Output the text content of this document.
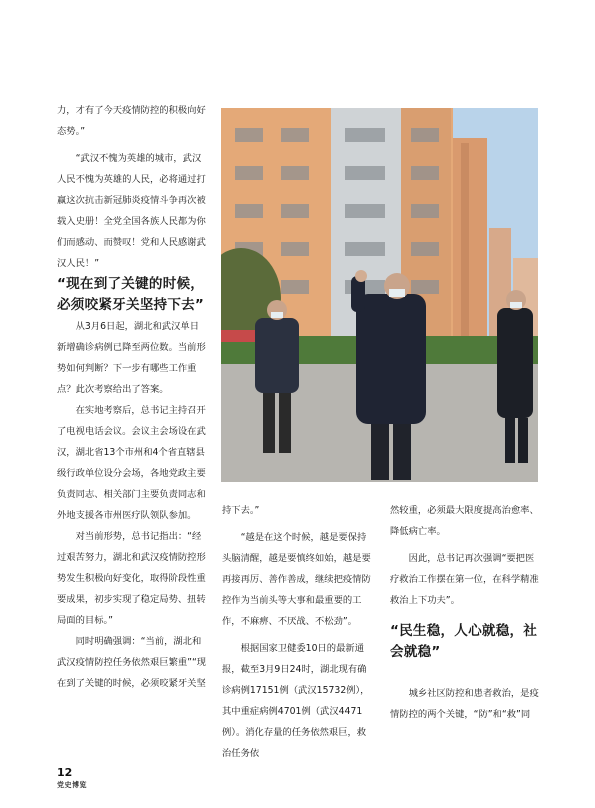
力，才有了今天疫情防控的积极向好态势。”

“武汉不愧为英雄的城市，武汉人民不愧为英雄的人民，必将通过打赢这次抗击新冠肺炎疫情斗争再次被载入史册！全党全国各族人民都为你们而感动、而赞叹！党和人民感谢武汉人民！”

“现在到了关键的时候，必须咬紧牙关坚持下去”

从3月6日起，湖北和武汉单日新增确诊病例已降至两位数。当前形势如何判断？下一步有哪些工作重点？此次考察给出了答案。

在实地考察后，总书记主持召开了电视电话会议。会议主会场设在武汉，湖北省13个市州和4个省直辖县级行政单位设分会场，各地党政主要负责同志、相关部门主要负责同志和外地支援各市州医疗队领队参加。

对当前形势，总书记指出：“经过艰苦努力，湖北和武汉疫情防控形势发生积极向好变化，取得阶段性重要成果，初步实现了稳定局势、扭转局面的目标。”

同时明确强调：“当前，湖北和武汉疫情防控任务依然艰巨繁重”“现在到了关键的时候，必须咬紧牙关坚

持下去。”

“越是在这个时候，越是要保持头脑清醒，越是要慎终如始，越是要再接再厉、善作善成，继续把疫情防控作为当前头等大事和最重要的工作，不麻痹、不厌战、不松劲”。

根据国家卫健委10日的最新通报，截至3月9日24时，湖北现有确诊病例17151例（武汉15732例），其中重症病例4701例（武汉4471例）。消化存量的任务依然艰巨，救治任务依

然较重，必须最大限度提高治愈率、降低病亡率。

因此，总书记再次强调“要把医疗救治工作摆在第一位，在科学精准救治上下功夫”。

“民生稳，人心就稳，社会就稳”

城乡社区防控和患者救治，是疫情防控的两个关键，“防”和“救”同

12
党史博览
